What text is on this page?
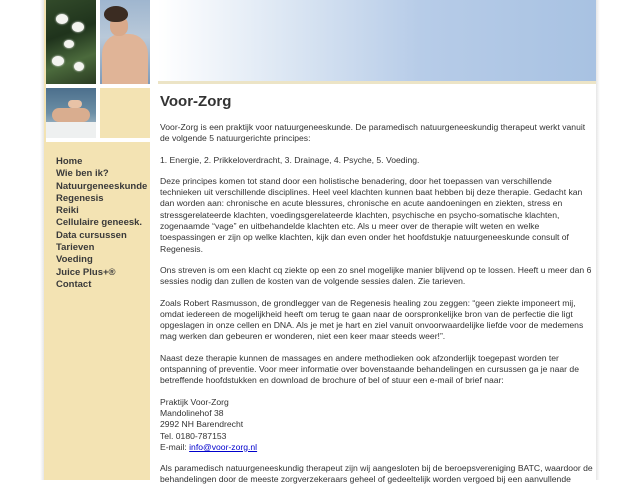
Home
Wie ben ik?
Natuurgeneeskunde
Regenesis
Reiki
Cellulaire geneesk.
Data cursussen
Tarieven
Voeding
Juice Plus+®
Contact
Voor-Zorg

Voor-Zorg is een praktijk voor natuurgeneeskunde. De paramedisch natuurgeneeskundig therapeut werkt vanuit de volgende 5 natuurgerichte principes:

1. Energie, 2. Prikkeloverdracht, 3. Drainage, 4. Psyche, 5. Voeding.

Deze principes komen tot stand door een holistische benadering, door het toepassen van verschillende technieken uit verschillende disciplines. Heel veel klachten kunnen baat hebben bij deze therapie. Gedacht kan dan worden aan: chronische en acute blessures, chronische en acute aandoeningen en ziekten, stress en stressgerelateerde klachten, voedingsgerelateerde klachten, psychische en psycho-somatische klachten, zogenaamde “vage” en uitbehandelde klachten etc. Als u meer over de therapie wilt weten en welke toespassingen er zijn op welke klachten, kijk dan even onder het hoofdstukje natuurgeneeskunde consult of Regenesis.

Ons streven is om een klacht cq ziekte op een zo snel mogelijke manier blijvend op te lossen. Heeft u meer dan 6 sessies nodig dan zullen de kosten van de volgende sessies dalen. Zie tarieven.

Zoals Robert Rasmusson, de grondlegger van de Regenesis healing zou zeggen: “geen ziekte imponeert mij, omdat iedereen de mogelijkheid heeft om terug te gaan naar de oorspronkelijke bron van de perfectie die ligt opgeslagen in onze cellen en DNA. Als je met je hart en ziel vanuit onvoorwaardelijke liefde voor de medemens mag werken dan gebeuren er wonderen, niet een keer maar steeds weer!”.

Naast deze therapie kunnen de massages en andere methodieken ook afzonderlijk toegepast worden ter ontspanning of preventie. Voor meer informatie over bovenstaande behandelingen en cursussen ga je naar de betreffende hoofdstukken en download de brochure of bel of stuur een e-mail of brief naar:

Praktijk Voor-Zorg
Mandolinehof 38
2992 NH Barendrecht
Tel. 0180-787153
E-mail: info@voor-zorg.nl

Als paramedisch natuurgeneeskundig therapeut zijn wij aangesloten bij de beroepsvereniging BATC, waardoor de behandelingen door de meeste zorgverzekeraars geheel of gedeeltelijk worden vergoed bij een aanvullende
